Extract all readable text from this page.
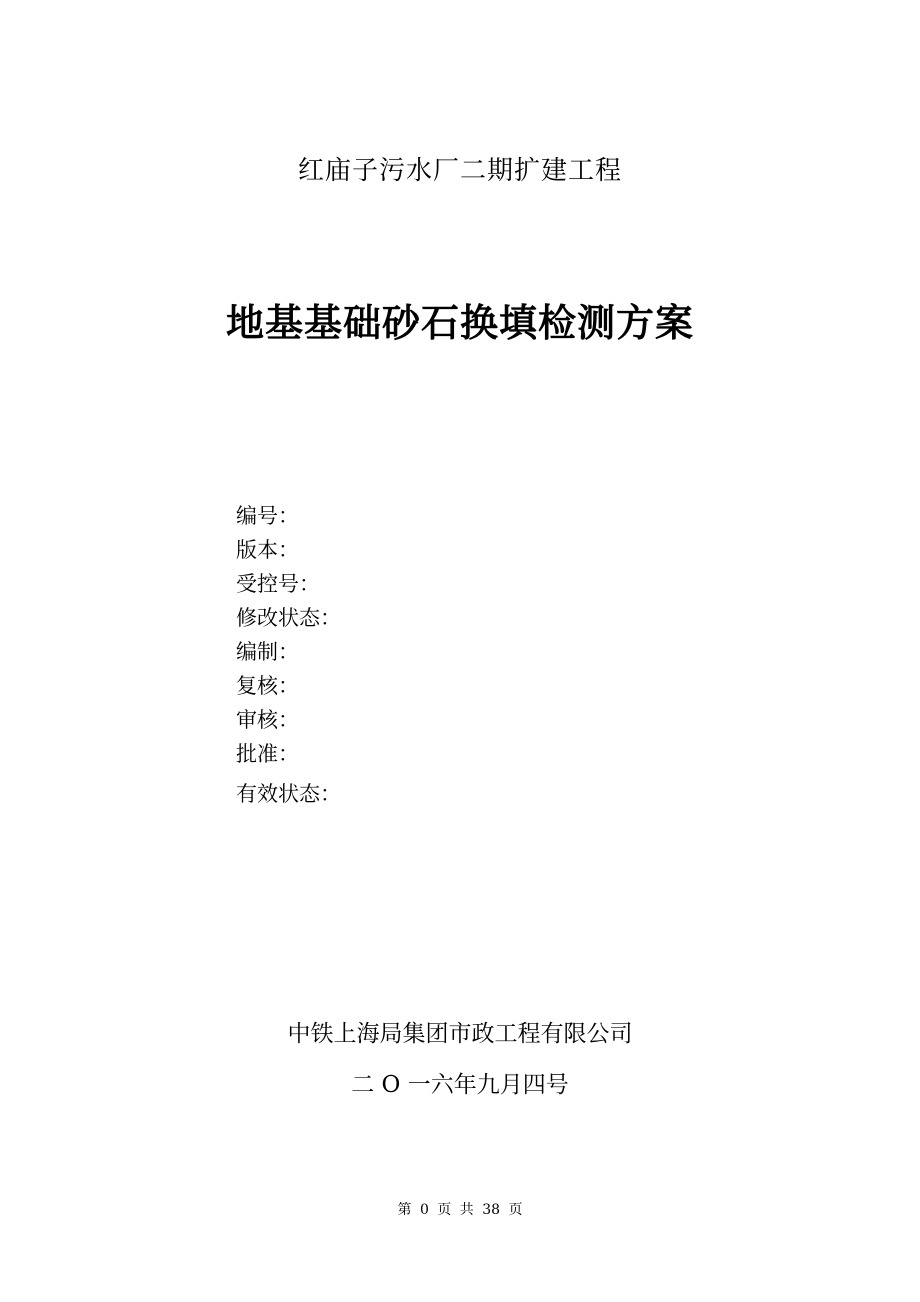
红庙子污水厂二期扩建工程
地基基础砂石换填检测方案
编号：
版本：
受控号：
修改状态：
编制：
复核：
审核：
批准：
有效状态：
中铁上海局集团市政工程有限公司
二 O 一六年九月四号
第 0 页 共 38 页
